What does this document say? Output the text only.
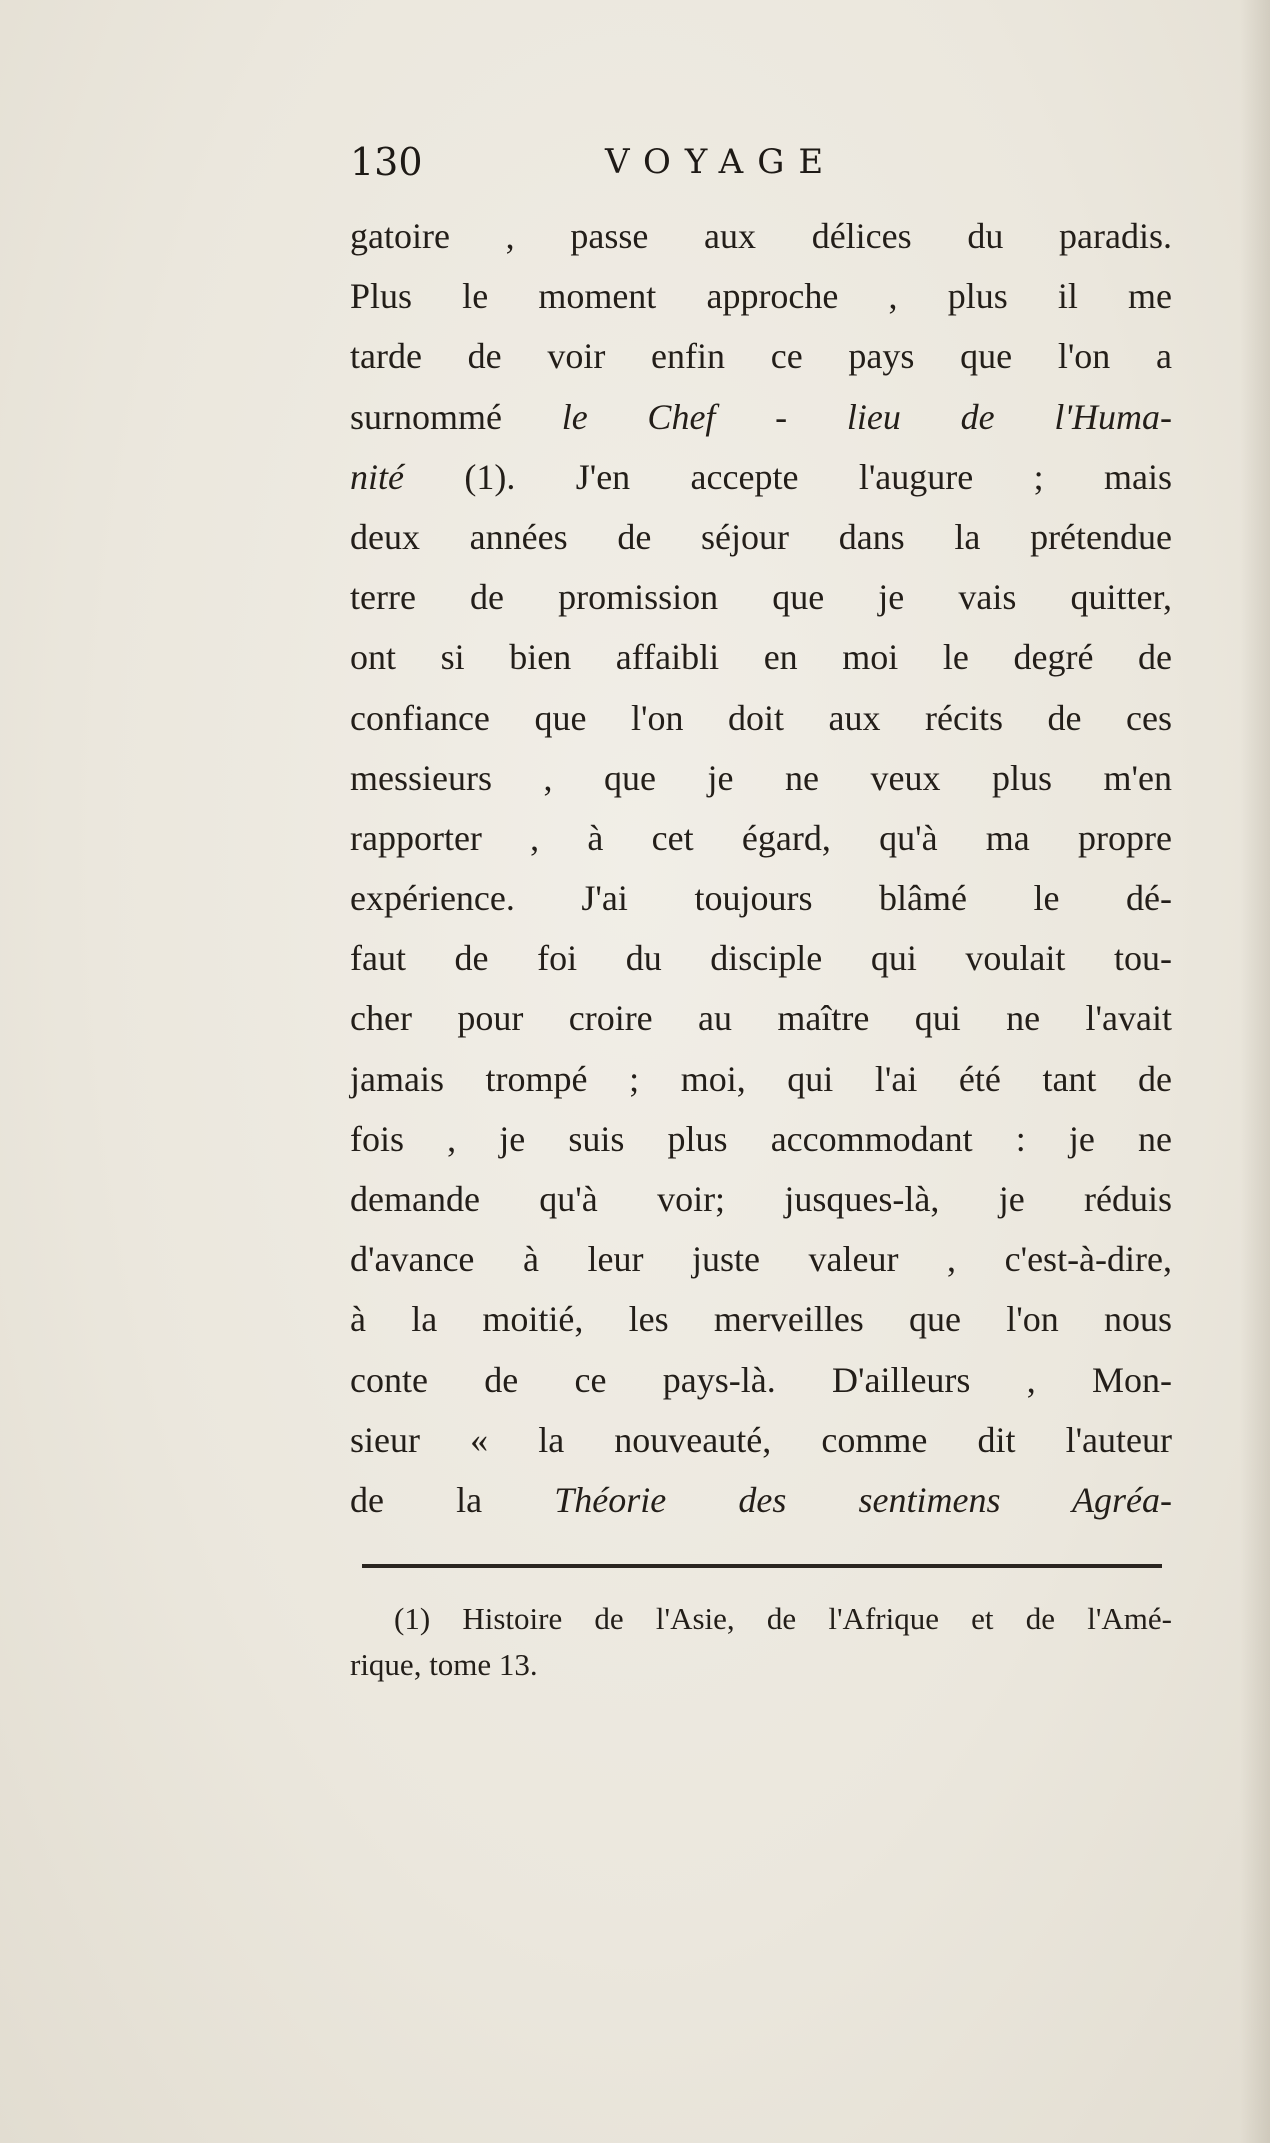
130	VOYAGE
gatoire , passe aux délices du paradis.
Plus le moment approche , plus il me
tarde de voir enfin ce pays que l'on a
surnommé le Chef - lieu de l'Huma-
nité (1). J'en accepte l'augure ; mais
deux années de séjour dans la prétendue
terre de promission que je vais quitter,
ont si bien affaibli en moi le degré de
confiance que l'on doit aux récits de ces
messieurs , que je ne veux plus m'en
rapporter , à cet égard, qu'à ma propre
expérience. J'ai toujours blâmé le dé-
faut de foi du disciple qui voulait tou-
cher pour croire au maître qui ne l'avait
jamais trompé ; moi, qui l'ai été tant de
fois , je suis plus accommodant : je ne
demande qu'à voir; jusques-là, je réduis
d'avance à leur juste valeur , c'est-à-dire,
à la moitié, les merveilles que l'on nous
conte de ce pays-là. D'ailleurs , Mon-
sieur « la nouveauté, comme dit l'auteur
de la Théorie des sentimens Agréa-
(1) Histoire de l'Asie, de l'Afrique et de l'Amé-
rique, tome 13.
